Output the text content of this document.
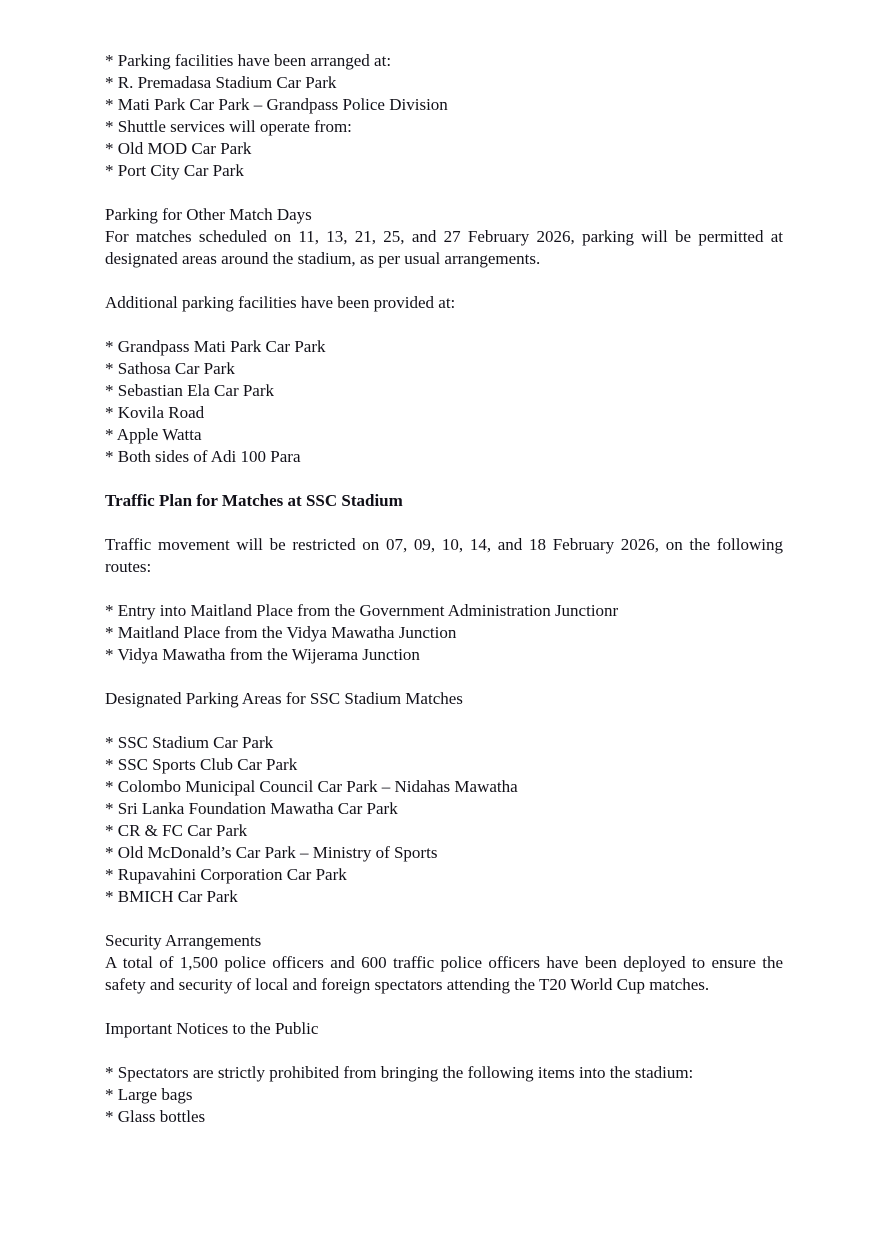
* Parking facilities have been arranged at:
* R. Premadasa Stadium Car Park
* Mati Park Car Park – Grandpass Police Division
* Shuttle services will operate from:
* Old MOD Car Park
* Port City Car Park
Parking for Other Match Days

For matches scheduled on 11, 13, 21, 25, and 27 February 2026, parking will be permitted at designated areas around the stadium, as per usual arrangements.

Additional parking facilities have been provided at:
* Grandpass Mati Park Car Park
* Sathosa Car Park
* Sebastian Ela Car Park
* Kovila Road
* Apple Watta
* Both sides of Adi 100 Para
Traffic Plan for Matches at SSC Stadium

Traffic movement will be restricted on 07, 09, 10, 14, and 18 February 2026, on the following routes:

* Entry into Maitland Place from the Government Administration Junctionr
* Maitland Place from the Vidya Mawatha Junction
* Vidya Mawatha from the Wijerama Junction
Designated Parking Areas for SSC Stadium Matches
* SSC Stadium Car Park
* SSC Sports Club Car Park
* Colombo Municipal Council Car Park – Nidahas Mawatha
* Sri Lanka Foundation Mawatha Car Park
* CR & FC Car Park
* Old McDonald’s Car Park – Ministry of Sports
* Rupavahini Corporation Car Park
* BMICH Car Park
Security Arrangements

A total of 1,500 police officers and 600 traffic police officers have been deployed to ensure the safety and security of local and foreign spectators attending the T20 World Cup matches.

Important Notices to the Public
* Spectators are strictly prohibited from bringing the following items into the stadium:
* Large bags
* Glass bottles
